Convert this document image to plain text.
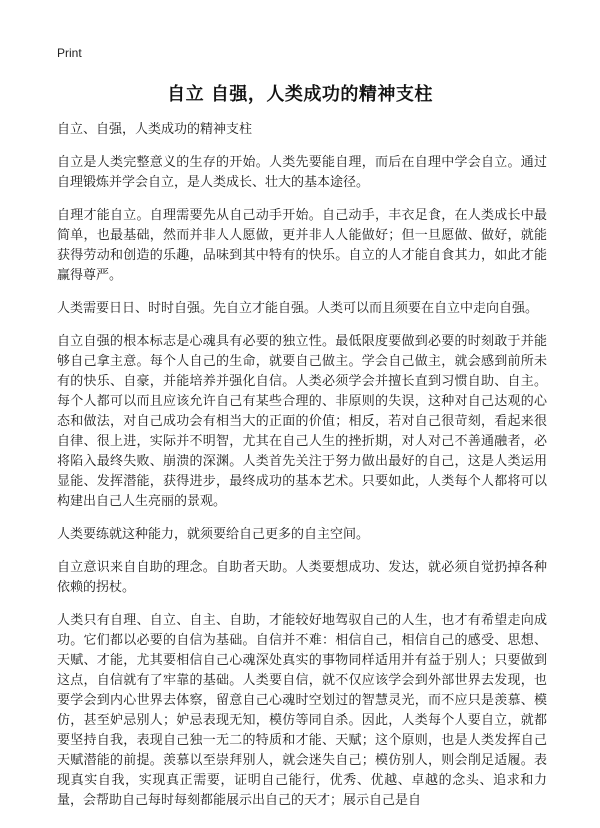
Print
自立 自强，人类成功的精神支柱

自立、自强，人类成功的精神支柱

自立是人类完整意义的生存的开始。人类先要能自理，而后在自理中学会自立。通过自理锻炼并学会自立，是人类成长、壮大的基本途径。

自理才能自立。自理需要先从自己动手开始。自己动手，丰衣足食，在人类成长中最简单，也最基础，然而并非人人愿做，更并非人人能做好；但一旦愿做、做好，就能获得劳动和创造的乐趣，品味到其中特有的快乐。自立的人才能自食其力，如此才能赢得尊严。

人类需要日日、时时自强。先自立才能自强。人类可以而且须要在自立中走向自强。

自立自强的根本标志是心魂具有必要的独立性。最低限度要做到必要的时刻敢于并能够自己拿主意。每个人自己的生命，就要自己做主。学会自己做主，就会感到前所未有的快乐、自豪，并能培养并强化自信。人类必须学会并擅长直到习惯自助、自主。每个人都可以而且应该允许自己有某些合理的、非原则的失误，这种对自己达观的心态和做法，对自己成功会有相当大的正面的价值；相反，若对自己很苛刻，看起来很自律、很上进，实际并不明智，尤其在自己人生的挫折期，对人对己不善通融者，必将陷入最终失败、崩溃的深渊。人类首先关注于努力做出最好的自己，这是人类运用显能、发挥潜能，获得进步，最终成功的基本艺术。只要如此，人类每个人都将可以构建出自己人生亮丽的景观。

人类要练就这种能力，就须要给自己更多的自主空间。

自立意识来自自助的理念。自助者天助。人类要想成功、发达，就必须自觉扔掉各种依赖的拐杖。

人类只有自理、自立、自主、自助，才能较好地驾驭自己的人生，也才有希望走向成功。它们都以必要的自信为基础。自信并不难：相信自己，相信自己的感受、思想、天赋、才能，尤其要相信自己心魂深处真实的事物同样适用并有益于别人；只要做到这点，自信就有了牢靠的基础。人类要自信，就不仅应该学会到外部世界去发现，也要学会到内心世界去体察，留意自己心魂时空划过的智慧灵光，而不应只是羡慕、模仿，甚至妒忌别人；妒忌表现无知，模仿等同自杀。因此，人类每个人要自立，就都要坚持自我，表现自己独一无二的特质和才能、天赋；这个原则，也是人类发挥自己天赋潜能的前提。羡慕以至崇拜别人，就会迷失自己；模仿别人，则会削足适履。表现真实自我，实现真正需要，证明自己能行，优秀、优越、卓越的念头、追求和力量，会帮助自己每时每刻都能展示出自己的天才；展示自己是自
